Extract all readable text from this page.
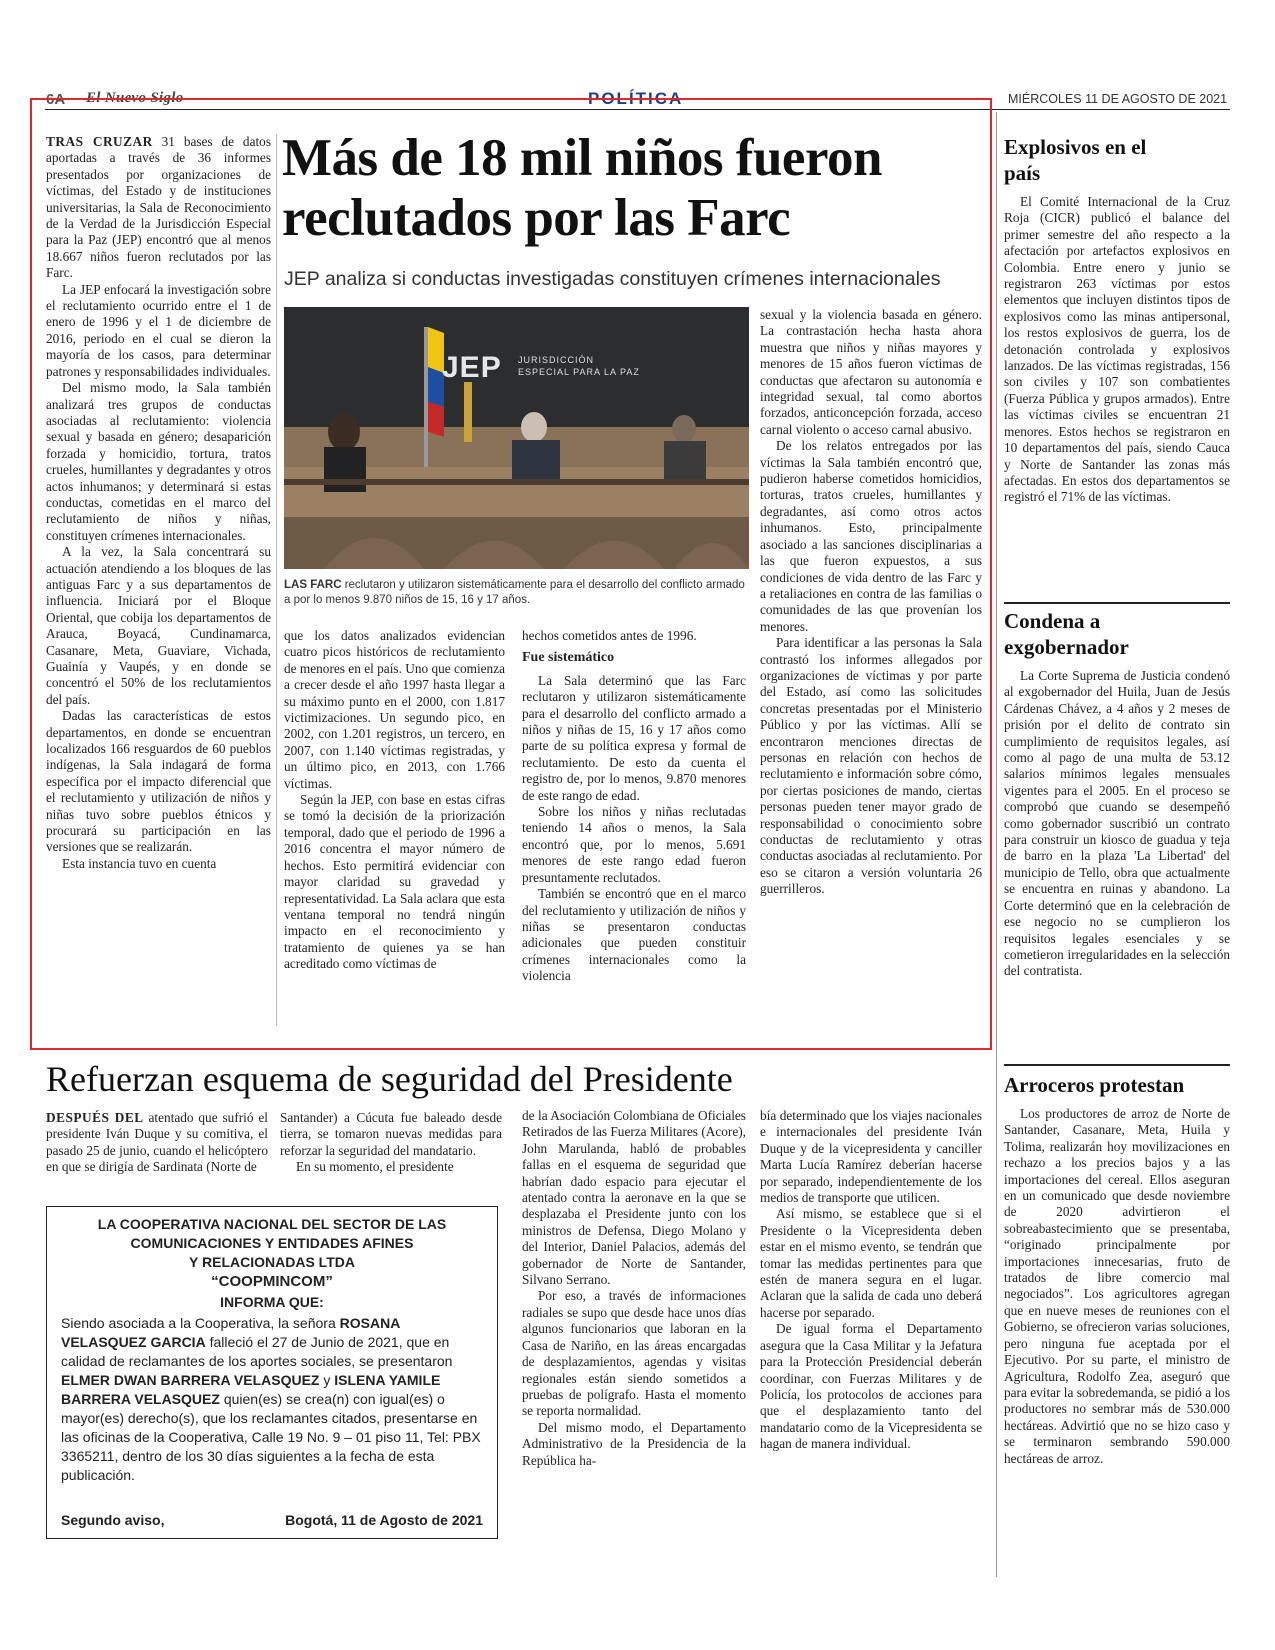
6A El Nuevo Siglo	POLÍTICA	MIÉRCOLES 11 DE AGOSTO DE 2021

TRAS CRUZAR 31 bases de datos aportadas a través de 36 informes presentados por organizaciones de víctimas, del Estado y de instituciones universitarias, la Sala de Reconocimiento de la Verdad de la Jurisdicción Especial para la Paz (JEP) encontró que al menos 18.667 niños fueron reclutados por las Farc.

La JEP enfocará la investigación sobre el reclutamiento ocurrido entre el 1 de enero de 1996 y el 1 de diciembre de 2016, periodo en el cual se dieron la mayoría de los casos, para determinar patrones y responsabilidades individuales.

Del mismo modo, la Sala también analizará tres grupos de conductas asociadas al reclutamiento: violencia sexual y basada en género; desaparición forzada y homicidio, tortura, tratos crueles, humillantes y degradantes y otros actos inhumanos; y determinará si estas conductas, cometidas en el marco del reclutamiento de niños y niñas, constituyen crímenes internacionales.

A la vez, la Sala concentrará su actuación atendiendo a los bloques de las antiguas Farc y a sus departamentos de influencia. Iniciará por el Bloque Oriental, que cobija los departamentos de Arauca, Boyacá, Cundinamarca, Casanare, Meta, Guaviare, Vichada, Guainía y Vaupés, y en donde se concentró el 50% de los reclutamientos del país.

Dadas las características de estos departamentos, en donde se encuentran localizados 166 resguardos de 60 pueblos indígenas, la Sala indagará de forma específica por el impacto diferencial que el reclutamiento y utilización de niños y niñas tuvo sobre pueblos étnicos y procurará su participación en las versiones que se realizarán.

Esta instancia tuvo en cuenta

Más de 18 mil niños fueron
reclutados por las Farc
JEP analiza si conductas investigadas constituyen crímenes internacionales
JEP JURISDICCIÓN
ESPECIAL PARA LA PAZ
LAS FARC reclutaron y utilizaron sistemáticamente para el desarrollo del conflicto armado a por lo menos 9.870 niños de 15, 16 y 17 años.

que los datos analizados evidencian cuatro picos históricos de reclutamiento de menores en el país. Uno que comienza a crecer desde el año 1997 hasta llegar a su máximo punto en el 2000, con 1.817 victimizaciones. Un segundo pico, en 2002, con 1.201 registros, un tercero, en 2007, con 1.140 víctimas registradas, y un último pico, en 2013, con 1.766 víctimas.

Según la JEP, con base en estas cifras se tomó la decisión de la priorización temporal, dado que el periodo de 1996 a 2016 concentra el mayor número de hechos. Esto permitirá evidenciar con mayor claridad su gravedad y representatividad. La Sala aclara que esta ventana temporal no tendrá ningún impacto en el reconocimiento y tratamiento de quienes ya se han acreditado como víctimas de

hechos cometidos antes de 1996.

Fue sistemático

La Sala determinó que las Farc reclutaron y utilizaron sistemáticamente para el desarrollo del conflicto armado a niños y niñas de 15, 16 y 17 años como parte de su política expresa y formal de reclutamiento. De esto da cuenta el registro de, por lo menos, 9.870 menores de este rango de edad.

Sobre los niños y niñas reclutadas teniendo 14 años o menos, la Sala encontró que, por lo menos, 5.691 menores de este rango edad fueron presuntamente reclutados.

También se encontró que en el marco del reclutamiento y utilización de niños y niñas se presentaron conductas adicionales que pueden constituir crímenes internacionales como la violencia

sexual y la violencia basada en género. La contrastación hecha hasta ahora muestra que niños y niñas mayores y menores de 15 años fueron víctimas de conductas que afectaron su autonomía e integridad sexual, tal como abortos forzados, anticoncepción forzada, acceso carnal violento o acceso carnal abusivo.

De los relatos entregados por las víctimas la Sala también encontró que, pudieron haberse cometidos homicidios, torturas, tratos crueles, humillantes y degradantes, así como otros actos inhumanos. Esto, principalmente asociado a las sanciones disciplinarias a las que fueron expuestos, a sus condiciones de vida dentro de las Farc y a retaliaciones en contra de las familias o comunidades de las que provenían los menores.

Para identificar a las personas la Sala contrastó los informes allegados por organizaciones de víctimas y por parte del Estado, así como las solicitudes concretas presentadas por el Ministerio Público y por las víctimas. Allí se encontraron menciones directas de personas en relación con hechos de reclutamiento e información sobre cómo, por ciertas posiciones de mando, ciertas personas pueden tener mayor grado de responsabilidad o conocimiento sobre conductas de reclutamiento y otras conductas asociadas al reclutamiento. Por eso se citaron a versión voluntaria 26 guerrilleros.

Explosivos en el país

El Comité Internacional de la Cruz Roja (CICR) publicó el balance del primer semestre del año respecto a la afectación por artefactos explosivos en Colombia. Entre enero y junio se registraron 263 víctimas por estos elementos que incluyen distintos tipos de explosivos como las minas antipersonal, los restos explosivos de guerra, los de detonación controlada y explosivos lanzados. De las víctimas registradas, 156 son civiles y 107 son combatientes (Fuerza Pública y grupos armados). Entre las víctimas civiles se encuentran 21 menores. Estos hechos se registraron en 10 departamentos del país, siendo Cauca y Norte de Santander las zonas más afectadas. En estos dos departamentos se registró el 71% de las víctimas.

Condena a exgobernador

La Corte Suprema de Justicia condenó al exgobernador del Huila, Juan de Jesús Cárdenas Chávez, a 4 años y 2 meses de prisión por el delito de contrato sin cumplimiento de requisitos legales, así como al pago de una multa de 53.12 salarios mínimos legales mensuales vigentes para el 2005. En el proceso se comprobó que cuando se desempeñó como gobernador suscribió un contrato para construir un kiosco de guadua y teja de barro en la plaza 'La Libertad' del municipio de Tello, obra que actualmente se encuentra en ruinas y abandono. La Corte determinó que en la celebración de ese negocio no se cumplieron los requisitos legales esenciales y se cometieron irregularidades en la selección del contratista.

Arroceros protestan

Los productores de arroz de Norte de Santander, Casanare, Meta, Huila y Tolima, realizarán hoy movilizaciones en rechazo a los precios bajos y a las importaciones del cereal. Ellos aseguran en un comunicado que desde noviembre de 2020 advirtieron el sobreabastecimiento que se presentaba, “originado principalmente por importaciones innecesarias, fruto de tratados de libre comercio mal negociados”. Los agricultores agregan que en nueve meses de reuniones con el Gobierno, se ofrecieron varias soluciones, pero ninguna fue aceptada por el Ejecutivo. Por su parte, el ministro de Agricultura, Rodolfo Zea, aseguró que para evitar la sobredemanda, se pidió a los productores no sembrar más de 530.000 hectáreas. Advirtió que no se hizo caso y se terminaron sembrando 590.000 hectáreas de arroz.

Refuerzan esquema de seguridad del Presidente

DESPUÉS DEL atentado que sufrió el presidente Iván Duque y su comitiva, el pasado 25 de junio, cuando el helicóptero en que se dirigía de Sardinata (Norte de

Santander) a Cúcuta fue baleado desde tierra, se tomaron nuevas medidas para reforzar la seguridad del mandatario.

En su momento, el presidente

de la Asociación Colombiana de Oficiales Retirados de las Fuerza Militares (Acore), John Marulanda, habló de probables fallas en el esquema de seguridad que habrían dado espacio para ejecutar el atentado contra la aeronave en la que se desplazaba el Presidente junto con los ministros de Defensa, Diego Molano y del Interior, Daniel Palacios, además del gobernador de Norte de Santander, Silvano Serrano.

Por eso, a través de informaciones radiales se supo que desde hace unos días algunos funcionarios que laboran en la Casa de Nariño, en las áreas encargadas de desplazamientos, agendas y visitas regionales están siendo sometidos a pruebas de polígrafo. Hasta el momento se reporta normalidad.

Del mismo modo, el Departamento Administrativo de la Presidencia de la República ha-

bía determinado que los viajes nacionales e internacionales del presidente Iván Duque y de la vicepresidenta y canciller Marta Lucía Ramírez deberían hacerse por separado, independientemente de los medios de transporte que utilicen.

Así mismo, se establece que si el Presidente o la Vicepresidenta deben estar en el mismo evento, se tendrán que tomar las medidas pertinentes para que estén de manera segura en el lugar. Aclaran que la salida de cada uno deberá hacerse por separado.

De igual forma el Departamento asegura que la Casa Militar y la Jefatura para la Protección Presidencial deberán coordinar, con Fuerzas Militares y de Policía, los protocolos de acciones para que el desplazamiento tanto del mandatario como de la Vicepresidenta se hagan de manera individual.

LA COOPERATIVA NACIONAL DEL SECTOR DE LAS
COMUNICACIONES Y ENTIDADES AFINES
Y RELACIONADAS LTDA
“COOPMINCOM”
INFORMA QUE:

Siendo asociada a la Cooperativa, la señora ROSANA VELASQUEZ GARCIA falleció el 27 de Junio de 2021, que en calidad de reclamantes de los aportes sociales, se presentaron ELMER DWAN BARRERA VELASQUEZ y ISLENA YAMILE BARRERA VELASQUEZ quien(es) se crea(n) con igual(es) o mayor(es) derecho(s), que los reclamantes citados, presentarse en las oficinas de la Cooperativa, Calle 19 No. 9 – 01 piso 11, Tel: PBX 3365211, dentro de los 30 días siguientes a la fecha de esta publicación.

Segundo aviso,	Bogotá, 11 de Agosto de 2021
